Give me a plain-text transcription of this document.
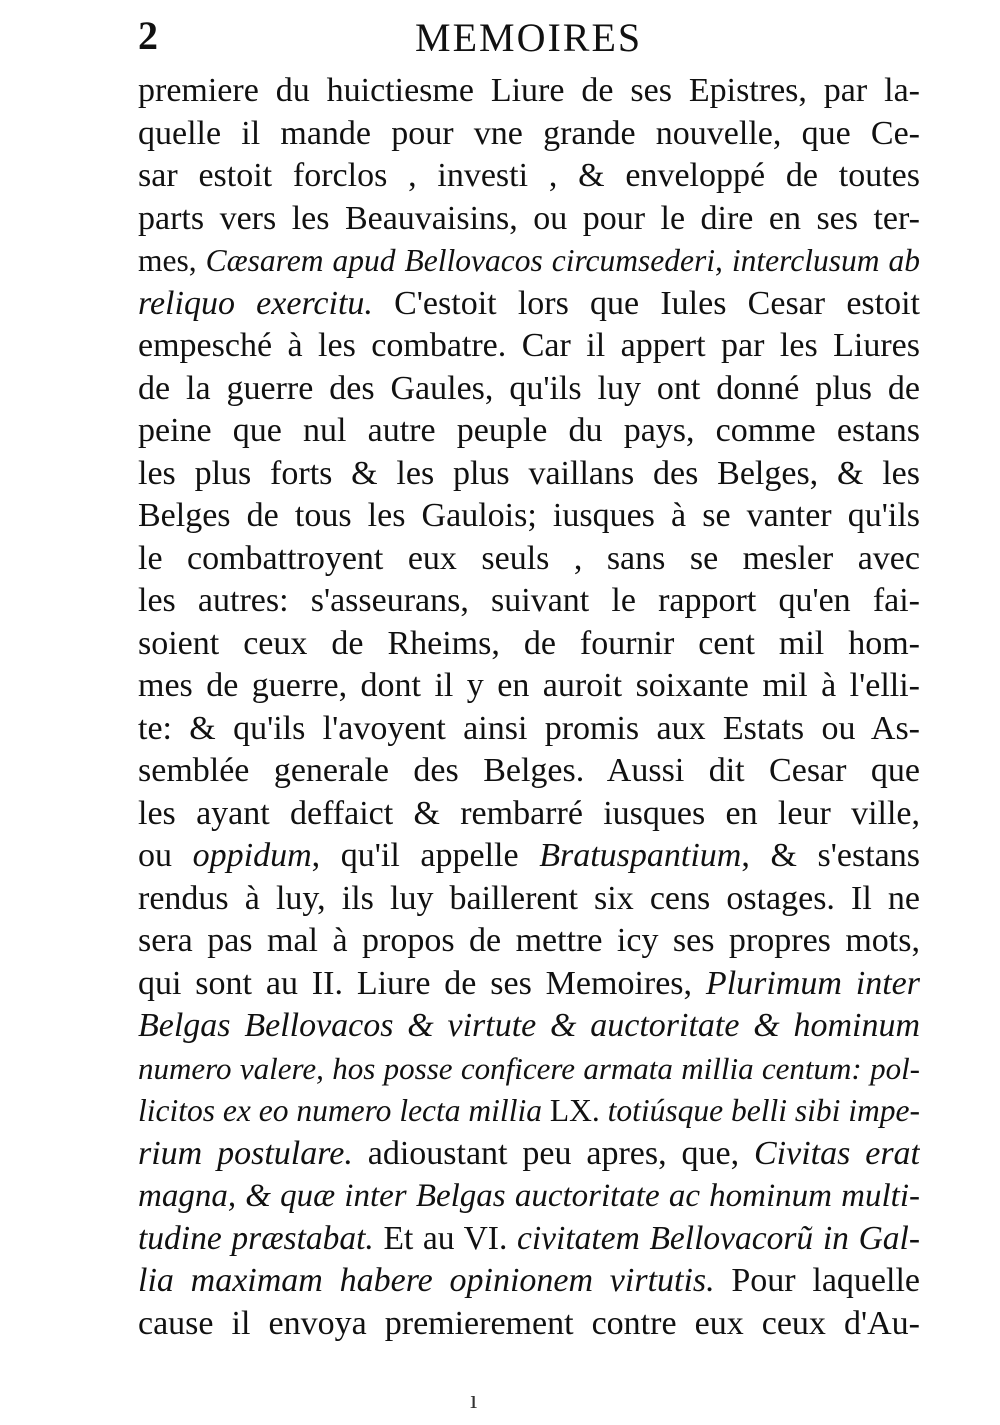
2	MEMOIRES
premiere du huictiesme Liure de ses Epistres, par la-
quelle il mande pour vne grande nouvelle, que Ce-
sar estoit forclos , investi , & enveloppé de toutes
parts vers les Beauvaisins, ou pour le dire en ses ter-
mes, Cæsarem apud Bellovacos circumsederi, interclusum ab
reliquo exercitu. C'estoit lors que Iules Cesar estoit
empesché à les combatre. Car il appert par les Liures
de la guerre des Gaules, qu'ils luy ont donné plus de
peine que nul autre peuple du pays, comme estans
les plus forts & les plus vaillans des Belges, & les
Belges de tous les Gaulois; iusques à se vanter qu'ils
le combattroyent eux seuls , sans se mesler avec
les autres: s'asseurans, suivant le rapport qu'en fai-
soient ceux de Rheims, de fournir cent mil hom-
mes de guerre, dont il y en auroit soixante mil à l'elli-
te: & qu'ils l'avoyent ainsi promis aux Estats ou As-
semblée generale des Belges. Aussi dit Cesar que
les ayant deffaict & rembarré iusques en leur ville,
ou oppidum, qu'il appelle Bratuspantium, & s'estans
rendus à luy, ils luy baillerent six cens ostages. Il ne
sera pas mal à propos de mettre icy ses propres mots,
qui sont au II. Liure de ses Memoires, Plurimum inter
Belgas Bellovacos & virtute & auctoritate & hominum
numero valere, hos posse conficere armata millia centum: pol-
licitos ex eo numero lecta millia LX. totiúsque belli sibi impe-
rium postulare. adioustant peu apres, que, Civitas erat
magna, & quæ inter Belgas auctoritate ac hominum multi-
tudine præstabat. Et au VI. civitatem Bellovacorũ in Gal-
lia maximam habere opinionem virtutis. Pour laquelle
cause il envoya premierement contre eux ceux d'Au-
ı
